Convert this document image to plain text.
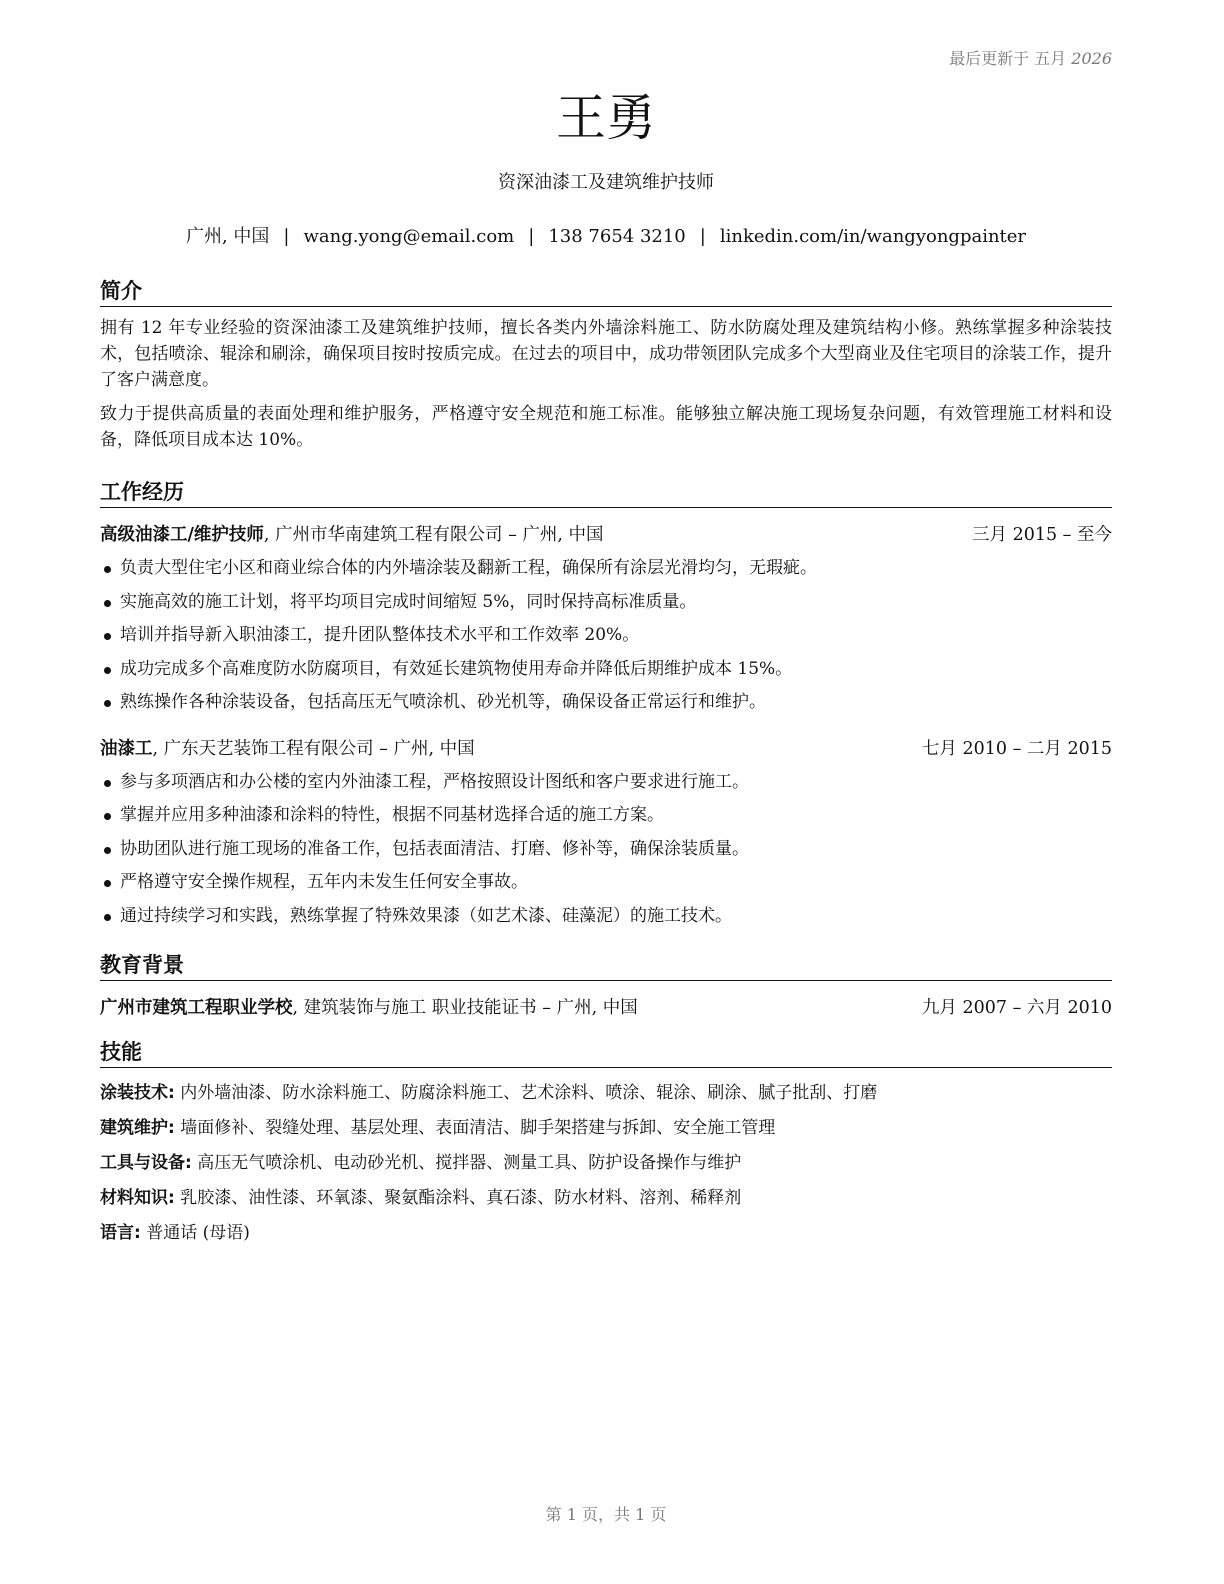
最后更新于 五月 2026
王勇
资深油漆工及建筑维护技师
广州, 中国 | wang.yong@email.com | 138 7654 3210 | linkedin.com/in/wangyongpainter
简介

拥有 12 年专业经验的资深油漆工及建筑维护技师，擅长各类内外墙涂料施工、防水防腐处理及建筑结构小修。熟练掌握多种涂装技术，包括喷涂、辊涂和刷涂，确保项目按时按质完成。在过去的项目中，成功带领团队完成多个大型商业及住宅项目的涂装工作，提升了客户满意度。

致力于提供高质量的表面处理和维护服务，严格遵守安全规范和施工标准。能够独立解决施工现场复杂问题，有效管理施工材料和设备，降低项目成本达 10%。

工作经历
高级油漆工/维护技师, 广州市华南建筑工程有限公司 – 广州, 中国	三月 2015 – 至今
负责大型住宅小区和商业综合体的内外墙涂装及翻新工程，确保所有涂层光滑均匀，无瑕疵。
实施高效的施工计划，将平均项目完成时间缩短 5%，同时保持高标准质量。
培训并指导新入职油漆工，提升团队整体技术水平和工作效率 20%。
成功完成多个高难度防水防腐项目，有效延长建筑物使用寿命并降低后期维护成本 15%。
熟练操作各种涂装设备，包括高压无气喷涂机、砂光机等，确保设备正常运行和维护。
油漆工, 广东天艺装饰工程有限公司 – 广州, 中国	七月 2010 – 二月 2015
参与多项酒店和办公楼的室内外油漆工程，严格按照设计图纸和客户要求进行施工。
掌握并应用多种油漆和涂料的特性，根据不同基材选择合适的施工方案。
协助团队进行施工现场的准备工作，包括表面清洁、打磨、修补等，确保涂装质量。
严格遵守安全操作规程，五年内未发生任何安全事故。
通过持续学习和实践，熟练掌握了特殊效果漆（如艺术漆、硅藻泥）的施工技术。
教育背景
广州市建筑工程职业学校, 建筑装饰与施工 职业技能证书 – 广州, 中国	九月 2007 – 六月 2010
技能
涂装技术: 内外墙油漆、防水涂料施工、防腐涂料施工、艺术涂料、喷涂、辊涂、刷涂、腻子批刮、打磨
建筑维护: 墙面修补、裂缝处理、基层处理、表面清洁、脚手架搭建与拆卸、安全施工管理
工具与设备: 高压无气喷涂机、电动砂光机、搅拌器、测量工具、防护设备操作与维护
材料知识: 乳胶漆、油性漆、环氧漆、聚氨酯涂料、真石漆、防水材料、溶剂、稀释剂
语言: 普通话 (母语)
第 1 页，共 1 页
